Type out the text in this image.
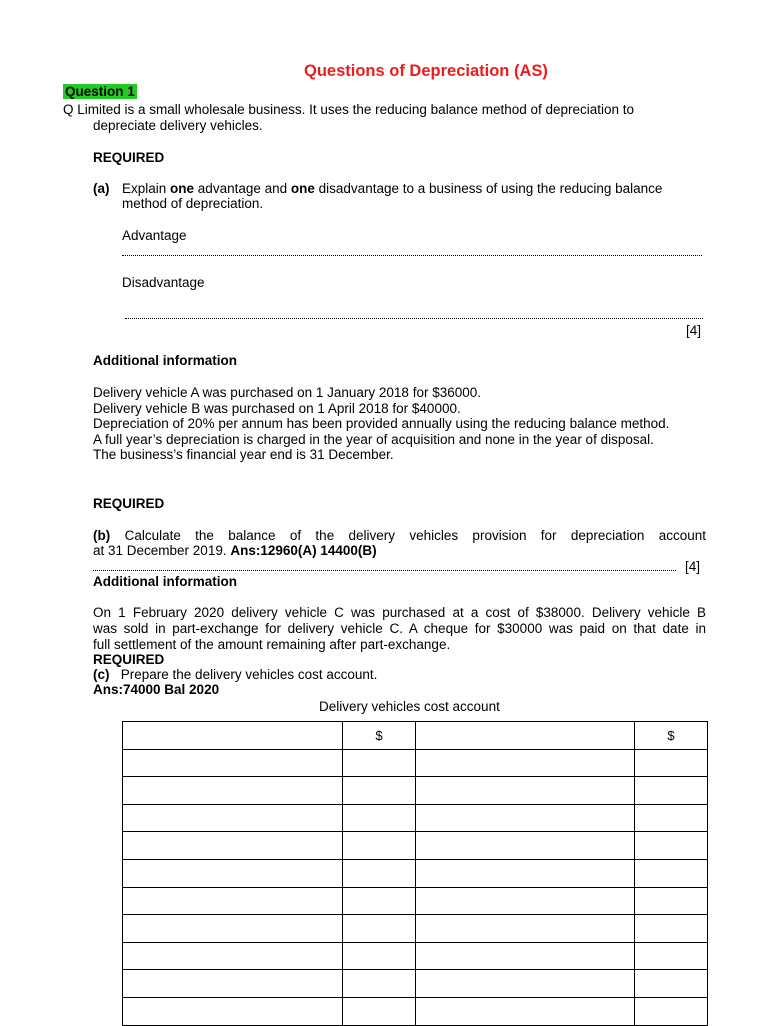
Questions of Depreciation (AS)
Question 1
Q Limited is a small wholesale business. It uses the reducing balance method of depreciation to
depreciate delivery vehicles.
REQUIRED
(a) Explain one advantage and one disadvantage to a business of using the reducing balance
method of depreciation.
Advantage
Disadvantage
[4]
Additional information
Delivery vehicle A was purchased on 1 January 2018 for $36000.
Delivery vehicle B was purchased on 1 April 2018 for $40000.
Depreciation of 20% per annum has been provided annually using the reducing balance method.
A full year’s depreciation is charged in the year of acquisition and none in the year of disposal.
The business’s financial year end is 31 December.
REQUIRED
(b) Calculate the balance of the delivery vehicles provision for depreciation account
at 31 December 2019. Ans:12960(A) 14400(B)
[4]
Additional information
On 1 February 2020 delivery vehicle C was purchased at a cost of $38000. Delivery vehicle B
was sold in part-exchange for delivery vehicle C. A cheque for $30000 was paid on that date in
full settlement of the amount remaining after part-exchange.
REQUIRED
(c) Prepare the delivery vehicles cost account.
Ans:74000 Bal 2020
Delivery vehicles cost account
	$		$
